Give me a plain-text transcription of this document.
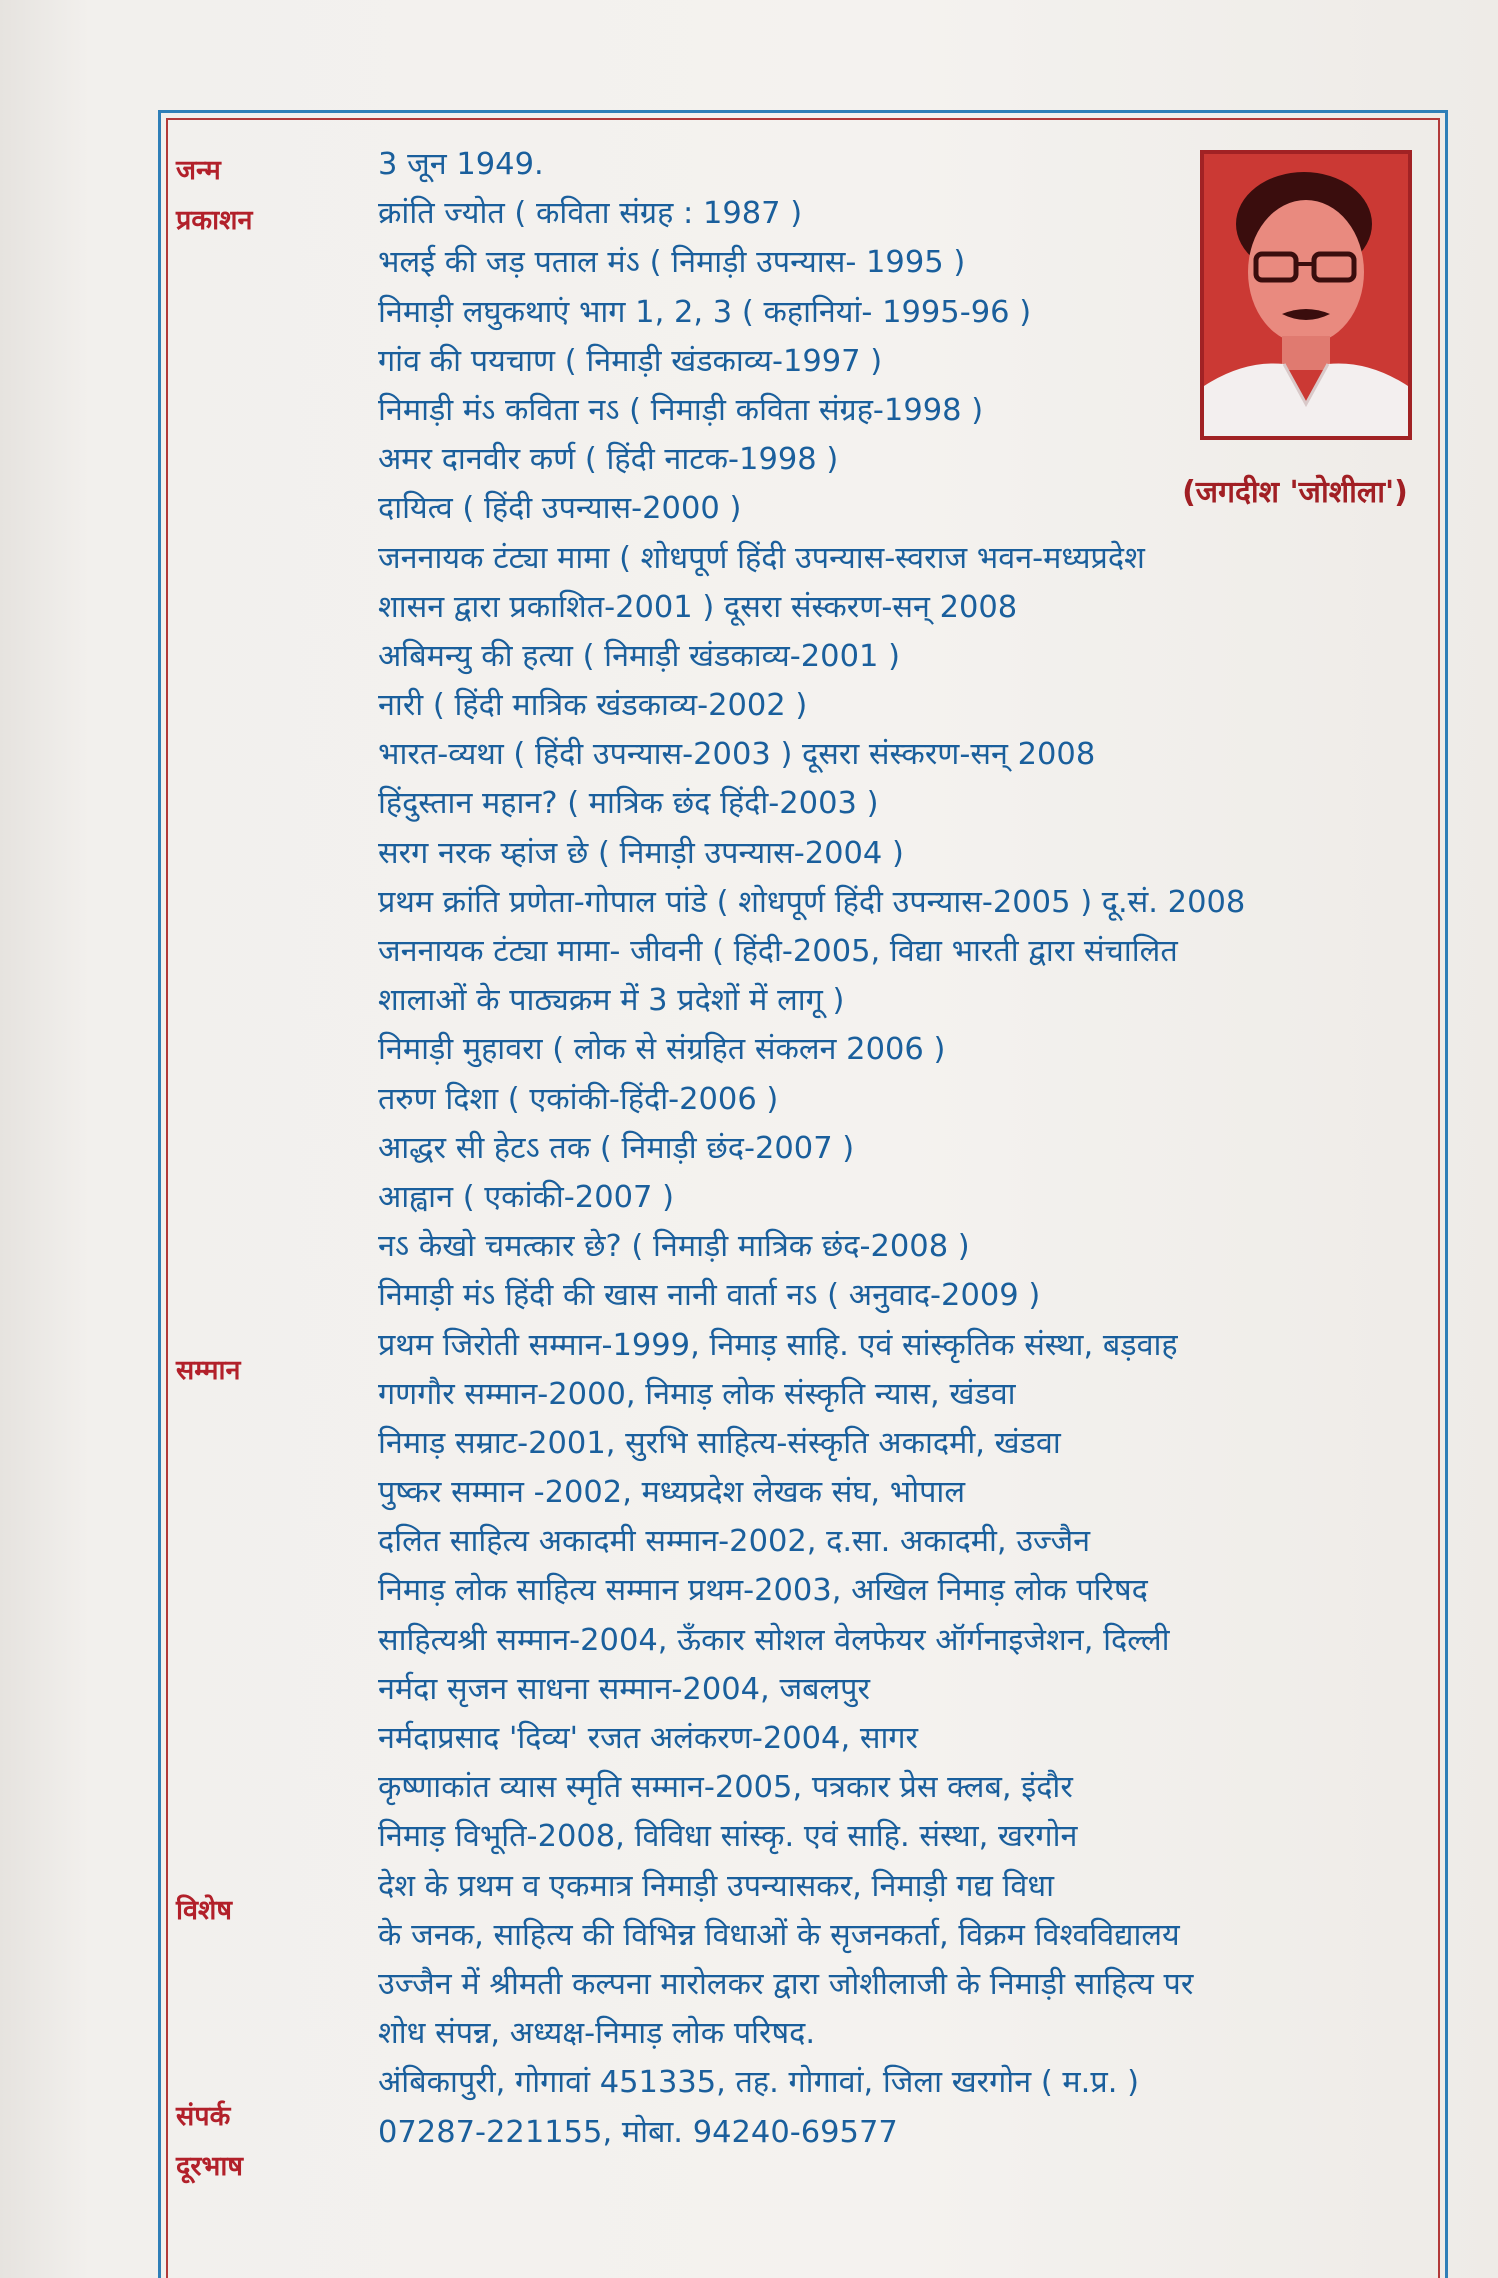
जन्म
प्रकाशन
सम्मान
विशेष
संपर्क
दूरभाष
(जगदीश 'जोशीला')
3 जून 1949.
क्रांति ज्योत ( कविता संग्रह : 1987 )
भलई की जड़ पताल मंऽ ( निमाड़ी उपन्यास- 1995 )
निमाड़ी लघुकथाएं भाग 1, 2, 3 ( कहानियां- 1995-96 )
गांव की पयचाण ( निमाड़ी खंडकाव्य-1997 )
निमाड़ी मंऽ कविता नऽ ( निमाड़ी कविता संग्रह-1998 )
अमर दानवीर कर्ण ( हिंदी नाटक-1998 )
दायित्व ( हिंदी उपन्यास-2000 )
जननायक टंट्या मामा ( शोधपूर्ण हिंदी उपन्यास-स्वराज भवन-मध्यप्रदेश
शासन द्वारा प्रकाशित-2001 ) दूसरा संस्करण-सन् 2008
अबिमन्यु की हत्या ( निमाड़ी खंडकाव्य-2001 )
नारी ( हिंदी मात्रिक खंडकाव्य-2002 )
भारत-व्यथा ( हिंदी उपन्यास-2003 ) दूसरा संस्करण-सन् 2008
हिंदुस्तान महान? ( मात्रिक छंद हिंदी-2003 )
सरग नरक य्हांज छे ( निमाड़ी उपन्यास-2004 )
प्रथम क्रांति प्रणेता-गोपाल पांडे ( शोधपूर्ण हिंदी उपन्यास-2005 ) दू.सं. 2008
जननायक टंट्या मामा- जीवनी ( हिंदी-2005, विद्या भारती द्वारा संचालित
शालाओं के पाठ्यक्रम में 3 प्रदेशों में लागू )
निमाड़ी मुहावरा ( लोक से संग्रहित संकलन 2006 )
तरुण दिशा ( एकांकी-हिंदी-2006 )
आद्धर सी हेटऽ तक ( निमाड़ी छंद-2007 )
आह्वान ( एकांकी-2007 )
नऽ केखो चमत्कार छे? ( निमाड़ी मात्रिक छंद-2008 )
निमाड़ी मंऽ हिंदी की खास नानी वार्ता नऽ ( अनुवाद-2009 )
प्रथम जिरोती सम्मान-1999, निमाड़ साहि. एवं सांस्कृतिक संस्था, बड़वाह
गणगौर सम्मान-2000, निमाड़ लोक संस्कृति न्यास, खंडवा
निमाड़ सम्राट-2001, सुरभि साहित्य-संस्कृति अकादमी, खंडवा
पुष्कर सम्मान -2002, मध्यप्रदेश लेखक संघ, भोपाल
दलित साहित्य अकादमी सम्मान-2002, द.सा. अकादमी, उज्जैन
निमाड़ लोक साहित्य सम्मान प्रथम-2003, अखिल निमाड़ लोक परिषद
साहित्यश्री सम्मान-2004, ऊँकार सोशल वेलफेयर ऑर्गनाइजेशन, दिल्ली
नर्मदा सृजन साधना सम्मान-2004, जबलपुर
नर्मदाप्रसाद 'दिव्य' रजत अलंकरण-2004, सागर
कृष्णाकांत व्यास स्मृति सम्मान-2005, पत्रकार प्रेस क्लब, इंदौर
निमाड़ विभूति-2008, विविधा सांस्कृ. एवं साहि. संस्था, खरगोन
देश के प्रथम व एकमात्र निमाड़ी उपन्यासकर, निमाड़ी गद्य विधा
के जनक, साहित्य की विभिन्न विधाओं के सृजनकर्ता, विक्रम विश्वविद्यालय
उज्जैन में श्रीमती कल्पना मारोलकर द्वारा जोशीलाजी के निमाड़ी साहित्य पर
शोध संपन्न, अध्यक्ष-निमाड़ लोक परिषद.
अंबिकापुरी, गोगावां 451335, तह. गोगावां, जिला खरगोन ( म.प्र. )
07287-221155, मोबा. 94240-69577
